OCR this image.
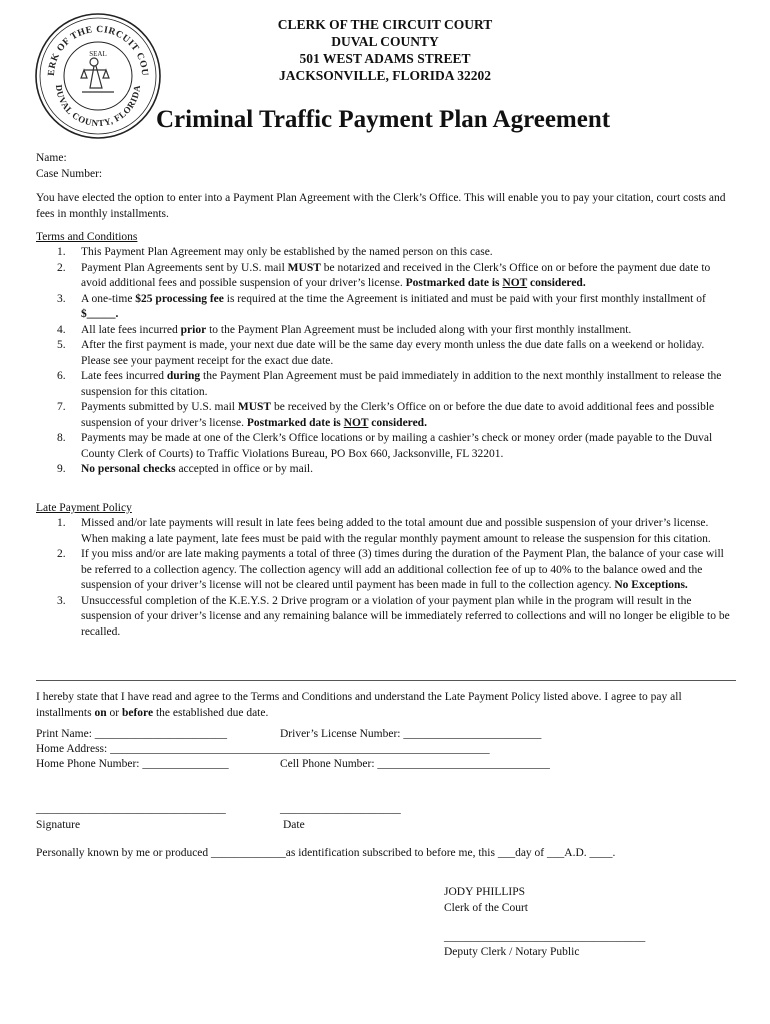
ERK OF THE CIRCUIT COU
DUVAL COUNTY, FLORIDA
SEAL
CLERK OF THE CIRCUIT COURT
DUVAL COUNTY
501 WEST ADAMS STREET
JACKSONVILLE, FLORIDA 32202
Criminal Traffic Payment Plan Agreement
Name:
Case Number:
You have elected the option to enter into a Payment Plan Agreement with the Clerk’s Office. This will enable you to pay your citation, court costs and fees in monthly installments.
Terms and Conditions
1. This Payment Plan Agreement may only be established by the named person on this case.
2. Payment Plan Agreements sent by U.S. mail MUST be notarized and received in the Clerk’s Office on or before the payment due date to avoid additional fees and possible suspension of your driver’s license. Postmarked date is NOT considered.
3. A one-time $25 processing fee is required at the time the Agreement is initiated and must be paid with your first monthly installment of $_____.
4. All late fees incurred prior to the Payment Plan Agreement must be included along with your first monthly installment.
5. After the first payment is made, your next due date will be the same day every month unless the due date falls on a weekend or holiday. Please see your payment receipt for the exact due date.
6. Late fees incurred during the Payment Plan Agreement must be paid immediately in addition to the next monthly installment to release the suspension for this citation.
7. Payments submitted by U.S. mail MUST be received by the Clerk’s Office on or before the due date to avoid additional fees and possible suspension of your driver’s license. Postmarked date is NOT considered.
8. Payments may be made at one of the Clerk’s Office locations or by mailing a cashier’s check or money order (made payable to the Duval County Clerk of Courts) to Traffic Violations Bureau, PO Box 660, Jacksonville, FL 32201.
9. No personal checks accepted in office or by mail.
Late Payment Policy
1. Missed and/or late payments will result in late fees being added to the total amount due and possible suspension of your driver’s license. When making a late payment, late fees must be paid with the regular monthly payment amount to release the suspension for this citation.
2. If you miss and/or are late making payments a total of three (3) times during the duration of the Payment Plan, the balance of your case will be referred to a collection agency. The collection agency will add an additional collection fee of up to 40% to the balance owed and the suspension of your driver’s license will not be cleared until payment has been made in full to the collection agency. No Exceptions.
3. Unsuccessful completion of the K.E.Y.S. 2 Drive program or a violation of your payment plan while in the program will result in the suspension of your driver’s license and any remaining balance will be immediately referred to collections and will no longer be eligible to be recalled.
I hereby state that I have read and agree to the Terms and Conditions and understand the Late Payment Policy listed above. I agree to pay all installments on or before the established due date.
Print Name: _______________________	Driver’s License Number: ________________________
Home Address: __________________________________________________________________
Home Phone Number: _______________	Cell Phone Number: ______________________________
_________________________________	_____________________
Signature	Date
Personally known by me or produced _____________as identification subscribed to before me, this ___day of ___A.D. ____.
JODY PHILLIPS
Clerk of the Court
___________________________________
Deputy Clerk / Notary Public
